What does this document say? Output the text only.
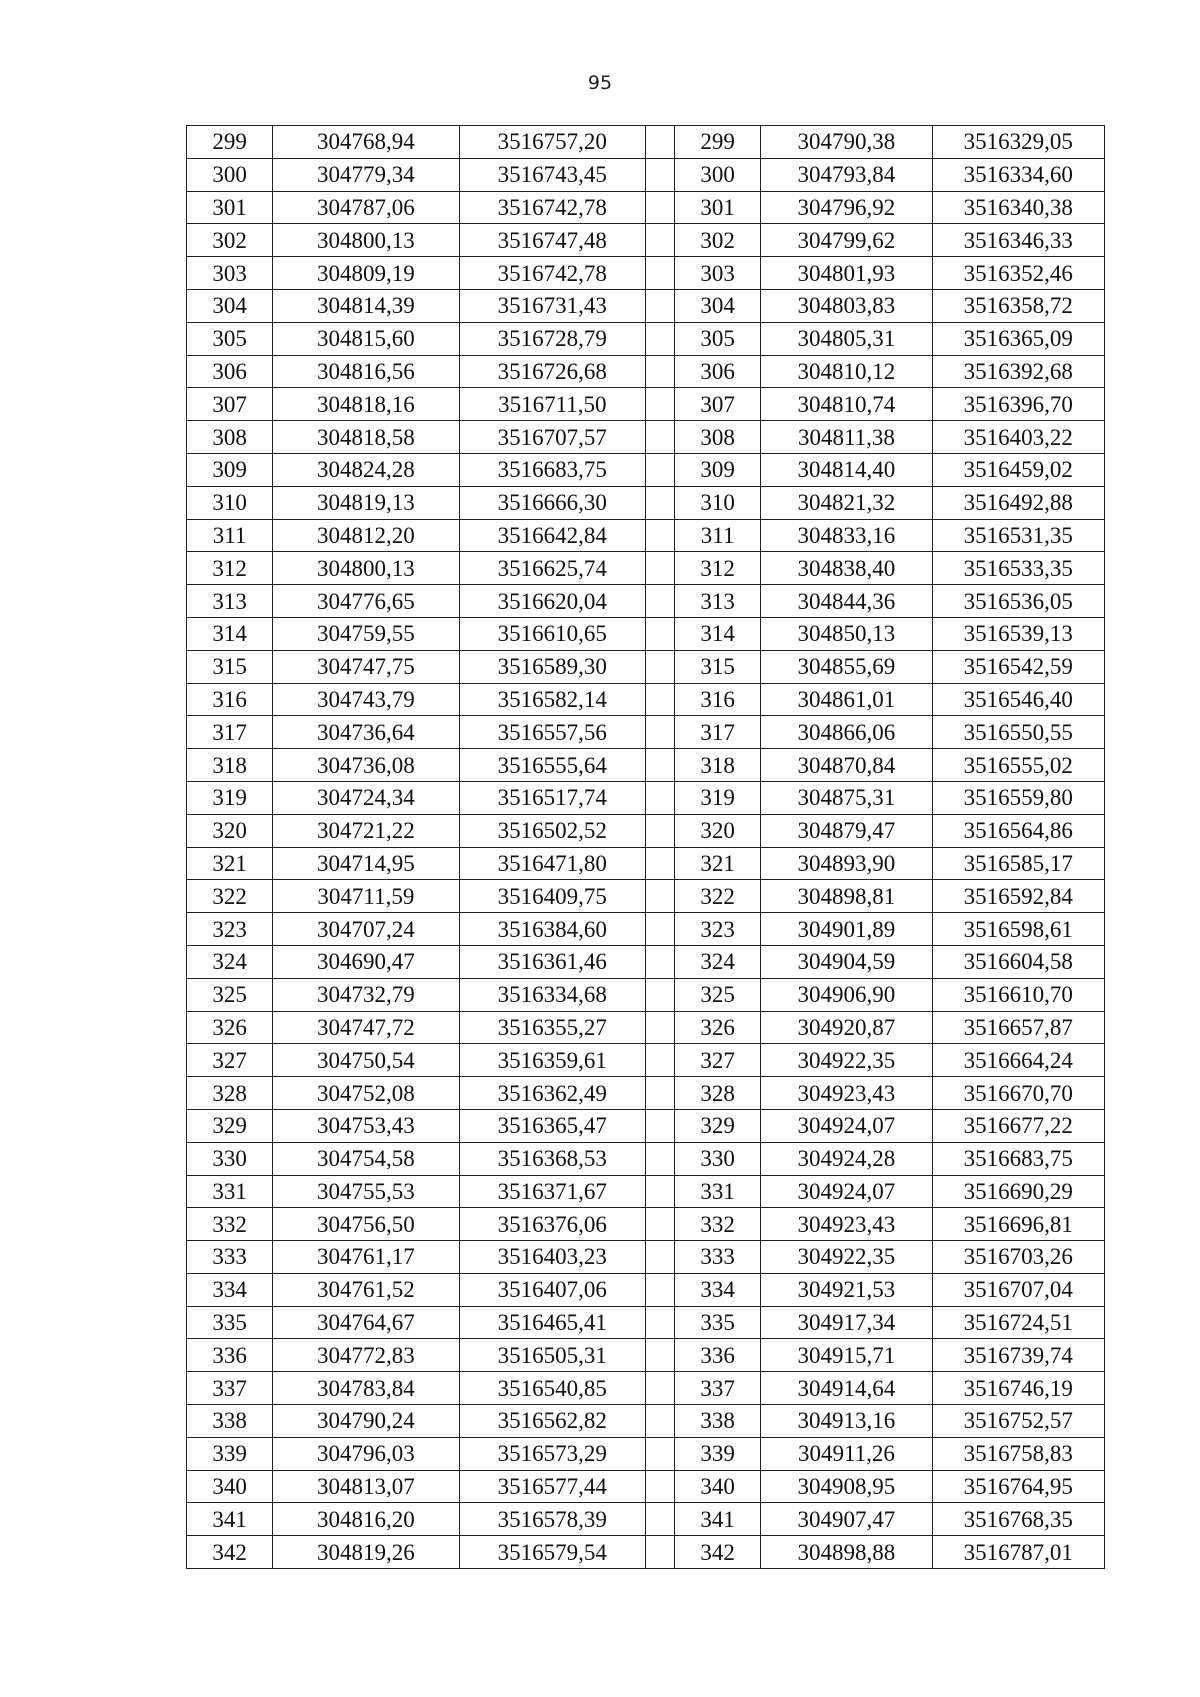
95
299	304768,94	3516757,20		299	304790,38	3516329,05
300	304779,34	3516743,45		300	304793,84	3516334,60
301	304787,06	3516742,78		301	304796,92	3516340,38
302	304800,13	3516747,48		302	304799,62	3516346,33
303	304809,19	3516742,78		303	304801,93	3516352,46
304	304814,39	3516731,43		304	304803,83	3516358,72
305	304815,60	3516728,79		305	304805,31	3516365,09
306	304816,56	3516726,68		306	304810,12	3516392,68
307	304818,16	3516711,50		307	304810,74	3516396,70
308	304818,58	3516707,57		308	304811,38	3516403,22
309	304824,28	3516683,75		309	304814,40	3516459,02
310	304819,13	3516666,30		310	304821,32	3516492,88
311	304812,20	3516642,84		311	304833,16	3516531,35
312	304800,13	3516625,74		312	304838,40	3516533,35
313	304776,65	3516620,04		313	304844,36	3516536,05
314	304759,55	3516610,65		314	304850,13	3516539,13
315	304747,75	3516589,30		315	304855,69	3516542,59
316	304743,79	3516582,14		316	304861,01	3516546,40
317	304736,64	3516557,56		317	304866,06	3516550,55
318	304736,08	3516555,64		318	304870,84	3516555,02
319	304724,34	3516517,74		319	304875,31	3516559,80
320	304721,22	3516502,52		320	304879,47	3516564,86
321	304714,95	3516471,80		321	304893,90	3516585,17
322	304711,59	3516409,75		322	304898,81	3516592,84
323	304707,24	3516384,60		323	304901,89	3516598,61
324	304690,47	3516361,46		324	304904,59	3516604,58
325	304732,79	3516334,68		325	304906,90	3516610,70
326	304747,72	3516355,27		326	304920,87	3516657,87
327	304750,54	3516359,61		327	304922,35	3516664,24
328	304752,08	3516362,49		328	304923,43	3516670,70
329	304753,43	3516365,47		329	304924,07	3516677,22
330	304754,58	3516368,53		330	304924,28	3516683,75
331	304755,53	3516371,67		331	304924,07	3516690,29
332	304756,50	3516376,06		332	304923,43	3516696,81
333	304761,17	3516403,23		333	304922,35	3516703,26
334	304761,52	3516407,06		334	304921,53	3516707,04
335	304764,67	3516465,41		335	304917,34	3516724,51
336	304772,83	3516505,31		336	304915,71	3516739,74
337	304783,84	3516540,85		337	304914,64	3516746,19
338	304790,24	3516562,82		338	304913,16	3516752,57
339	304796,03	3516573,29		339	304911,26	3516758,83
340	304813,07	3516577,44		340	304908,95	3516764,95
341	304816,20	3516578,39		341	304907,47	3516768,35
342	304819,26	3516579,54		342	304898,88	3516787,01
